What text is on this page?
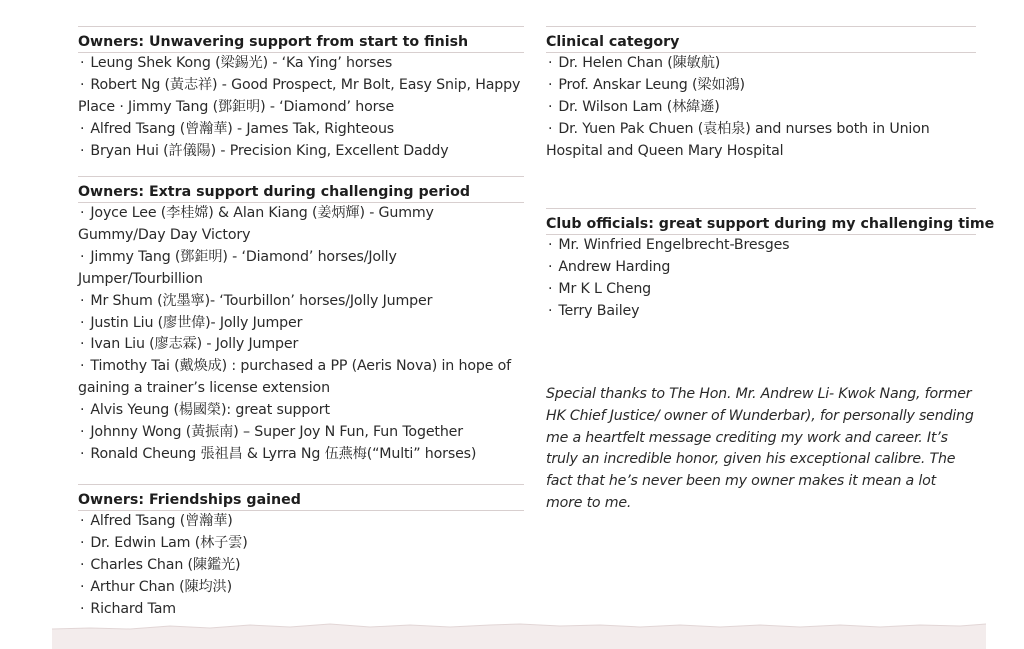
Owners: Unwavering support from start to finish
· Leung Shek Kong (梁錫光) - ‘Ka Ying’ horses
· Robert Ng (黃志祥) - Good Prospect, Mr Bolt, Easy Snip, Happy Place · Jimmy Tang (鄧鉅明) - ‘Diamond’ horse
· Alfred Tsang (曾瀚華) - James Tak, Righteous
· Bryan Hui (許儀陽) - Precision King, Excellent Daddy
Owners: Extra support during challenging period
· Joyce Lee (李桂嫦) & Alan Kiang (姜炳輝) - Gummy Gummy/Day Day Victory
· Jimmy Tang (鄧鉅明) - ‘Diamond’ horses/Jolly Jumper/Tourbillion
· Mr Shum (沈墨寧)- ‘Tourbillon’ horses/Jolly Jumper
· Justin Liu (廖世偉)- Jolly Jumper
· Ivan Liu (廖志霖) - Jolly Jumper
· Timothy Tai (戴煥成) : purchased a PP (Aeris Nova) in hope of gaining a trainer’s license extension
· Alvis Yeung (楊國榮): great support
· Johnny Wong (黃振南) – Super Joy N Fun, Fun Together
· Ronald Cheung 張祖昌 & Lyrra Ng 伍燕梅(“Multi” horses)
Owners: Friendships gained
· Alfred Tsang (曾瀚華)
· Dr. Edwin Lam (林子雲)
· Charles Chan (陳鑑光)
· Arthur Chan (陳均洪)
· Richard Tam
Clinical category
· Dr. Helen Chan (陳敏航)
· Prof. Anskar Leung (梁如鴻)
· Dr. Wilson Lam (林緯遜)
· Dr. Yuen Pak Chuen (袁柏泉) and nurses both in Union Hospital and Queen Mary Hospital
Club officials: great support during my challenging time
· Mr. Winfried Engelbrecht-Bresges
· Andrew Harding
· Mr K L Cheng
· Terry Bailey
Special thanks to The Hon. Mr. Andrew Li- Kwok Nang, former HK Chief Justice/ owner of Wunderbar), for personally sending me a heartfelt message crediting my work and career. It’s truly an incredible honor, given his exceptional calibre. The fact that he’s never been my owner makes it mean a lot more to me.
